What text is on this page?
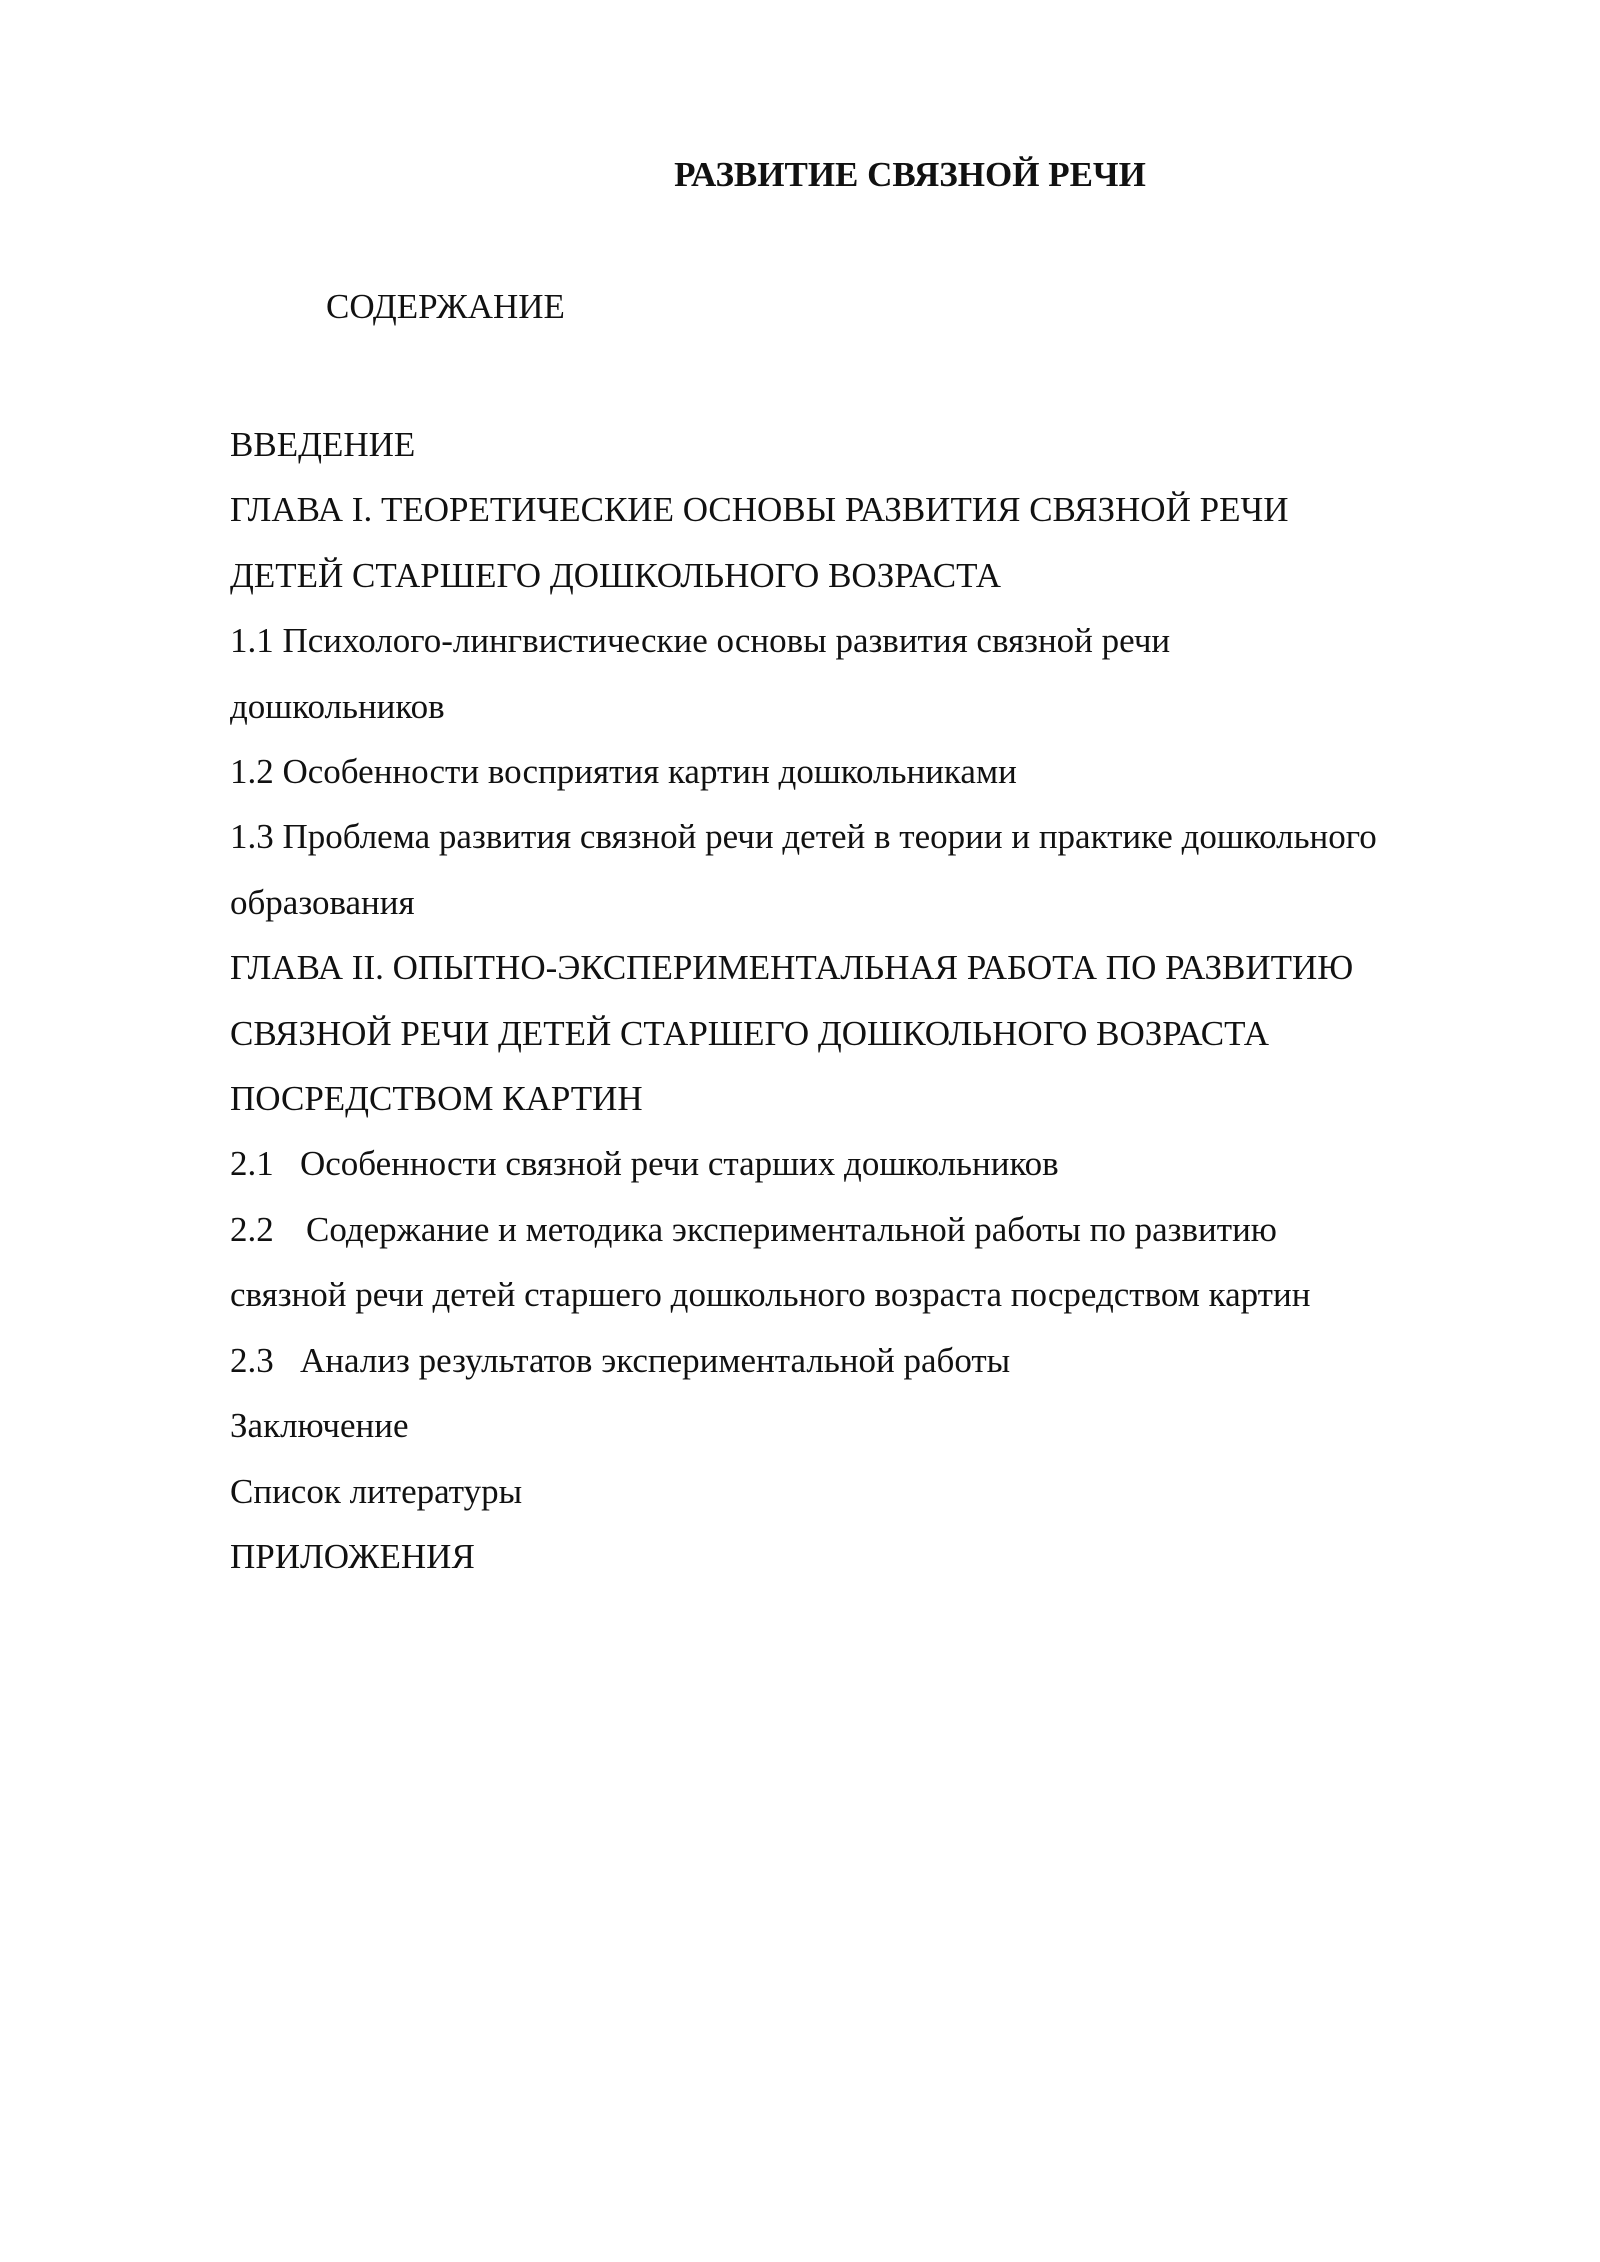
РАЗВИТИЕ СВЯЗНОЙ РЕЧИ
СОДЕРЖАНИЕ
ВВЕДЕНИЕ
ГЛАВА I. ТЕОРЕТИЧЕСКИЕ ОСНОВЫ РАЗВИТИЯ СВЯЗНОЙ РЕЧИ
ДЕТЕЙ СТАРШЕГО ДОШКОЛЬНОГО ВОЗРАСТА
1.1 Психолого-лингвистические основы развития связной речи
дошкольников
1.2 Особенности восприятия картин дошкольниками
1.3 Проблема развития связной речи детей в теории и практике дошкольного
образования
ГЛАВА II. ОПЫТНО-ЭКСПЕРИМЕНТАЛЬНАЯ РАБОТА ПО РАЗВИТИЮ
СВЯЗНОЙ РЕЧИ ДЕТЕЙ СТАРШЕГО ДОШКОЛЬНОГО ВОЗРАСТА
ПОСРЕДСТВОМ КАРТИН
2.1 Особенности связной речи старших дошкольников
2.2 Содержание и методика экспериментальной работы по развитию
связной речи детей старшего дошкольного возраста посредством картин
2.3 Анализ результатов экспериментальной работы
Заключение
Список литературы
ПРИЛОЖЕНИЯ
